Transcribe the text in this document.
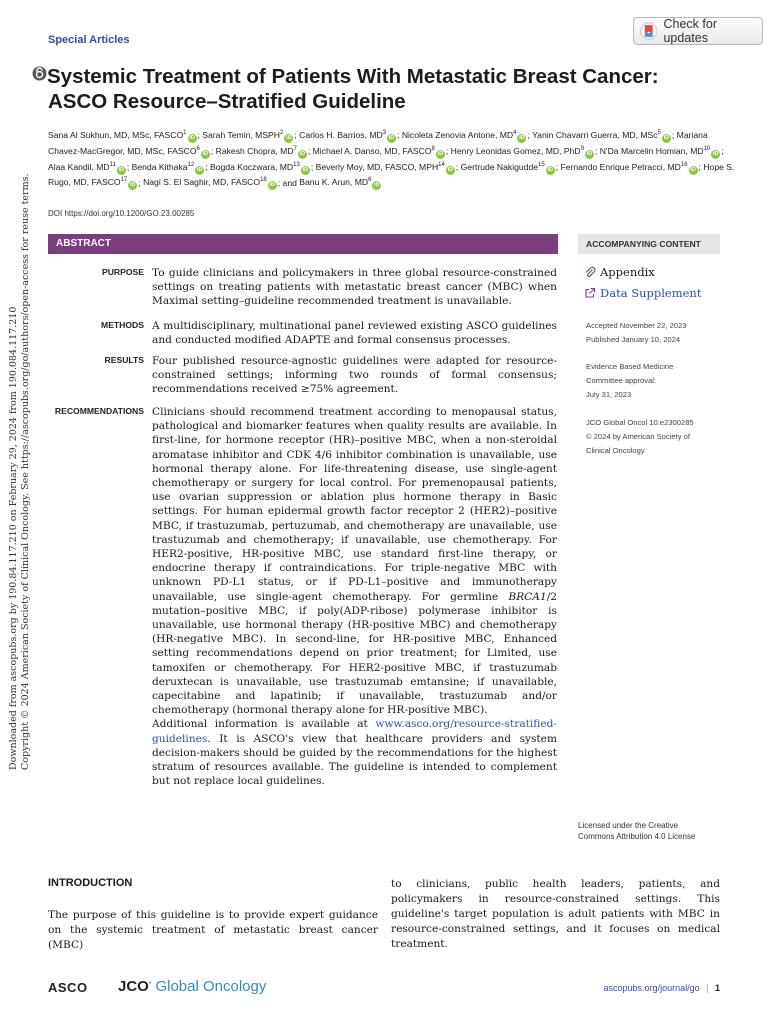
Special Articles
Check for updates
Systemic Treatment of Patients With Metastatic Breast Cancer: ASCO Resource–Stratified Guideline
Sana Al Sukhun, MD, MSc, FASCO$^1$iD ; Sarah Temin, MSPH$^2$iD ; Carlos H. Barrios, $MD^3iD$ ; Nicoleta Zenovia Antone, $MD^4iD$ ; Yanin Chavarri Guerra, MD, MSc$^5$iD ; Mariana Chavez-MacGregor, MD, MSc, FASCO$^6$iD ; Rakesh Chopra, $MD^7iD$ ; Michael A. Danso, MD, FASCO$^8$iD ; Henry Leonidas Gomez, MD, PhD$^9$iD ; N'Da Marcelin Homian, MD$^{10}$iD ; Alaa Kandil, MD$^{11}$iD ; Benda Kithaka$^{12}$iD ; Bogda Koczwara, MD$^{13}$iD ; Beverly Moy, MD, FASCO, MPH$^{14}$iD ; Gertrude Nakigudde$^{15}$iD ; Fernando Enrique Petracci, MD$^{16}$iD ; Hope S. Rugo, MD, FASCO$^{17}$iD ; Nagi S. El Saghir, MD, FASCO$^{18}$iD ; and Banu K. Arun, $MD^6iD$
DOI https://doi.org/10.1200/GO.23.00285
ABSTRACT
PURPOSE To guide clinicians and policymakers in three global resource-constrained settings on treating patients with metastatic breast cancer (MBC) when Maximal setting–guideline recommended treatment is unavailable.
METHODS A multidisciplinary, multinational panel reviewed existing ASCO guidelines and conducted modified ADAPTE and formal consensus processes.
RESULTS Four published resource-agnostic guidelines were adapted for resource-constrained settings; informing two rounds of formal consensus; recommendations received ≥75% agreement.
RECOMMENDATIONS Clinicians should recommend treatment according to menopausal status, pathological and biomarker features when quality results are available. In first-line, for hormone receptor (HR)–positive MBC, when a non-steroidal aromatase inhibitor and CDK 4/6 inhibitor combination is unavailable, use hormonal therapy alone. For life-threatening disease, use single-agent chemotherapy or surgery for local control. For premenopausal patients, use ovarian suppression or ablation plus hormone therapy in Basic settings. For human epidermal growth factor receptor 2 (HER2)–positive MBC, if trastuzumab, pertuzumab, and chemotherapy are unavailable, use trastuzumab and chemotherapy; if unavailable, use chemotherapy. For HER2-positive, HR-positive MBC, use standard first-line therapy, or endocrine therapy if contraindications. For triple-negative MBC with unknown PD-L1 status, or if PD-L1–positive and immunotherapy unavailable, use single-agent chemotherapy. For germline BRCA1/2 mutation–positive MBC, if poly(ADP-ribose) polymerase inhibitor is unavailable, use hormonal therapy (HR-positive MBC) and chemotherapy (HR-negative MBC). In second-line, for HR-positive MBC, Enhanced setting recommendations depend on prior treatment; for Limited, use tamoxifen or chemotherapy. For HER2-positive MBC, if trastuzumab deruxtecan is unavailable, use trastuzumab emtansine; if unavailable, capecitabine and lapatinib; if unavailable, trastuzumab and/or chemotherapy (hormonal therapy alone for HR-positive MBC).

Additional information is available at www.asco.org/resource-stratified-guidelines. It is ASCO's view that healthcare providers and system decision-makers should be guided by the recommendations for the highest stratum of resources available. The guideline is intended to complement but not replace local guidelines.

ACCOMPANYING CONTENT
Appendix
Data Supplement
Accepted November 22, 2023
Published January 10, 2024
Evidence Based Medicine
Committee approval:
July 31, 2023
JCO Global Oncol 10:e2300285
© 2024 by American Society of
Clinical Oncology
Licensed under the Creative
Commons Attribution 4.0 License
Downloaded from ascopubs.org by 190.84.117.210 on February 29, 2024 from 190.084.117.210 Copyright © 2024 American Society of Clinical Oncology. See https://ascopubs.org/go/authors/open-access for reuse terms.
INTRODUCTION
The purpose of this guideline is to provide expert guidance on the systemic treatment of metastatic breast cancer (MBC)
to clinicians, public health leaders, patients, and policymakers in resource-constrained settings. This guideline's target population is adult patients with MBC in resource-constrained settings, and it focuses on medical treatment.
ASCO JCO• Global Oncology	ascopubs.org/journal/go | 1
